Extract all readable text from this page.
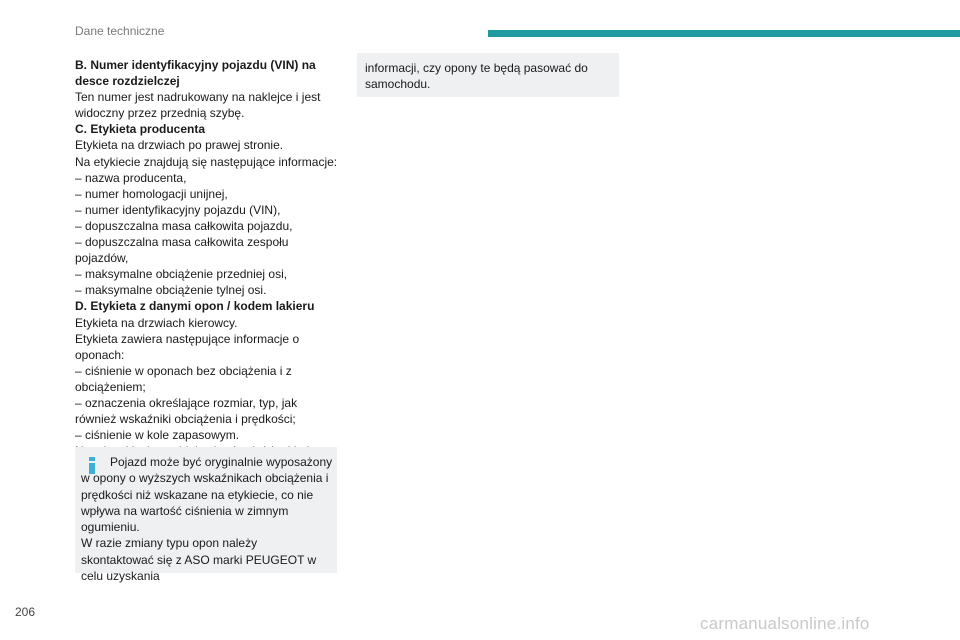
Dane techniczne

B. Numer identyfikacyjny pojazdu (VIN) na desce rozdzielczej

Ten numer jest nadrukowany na naklejce i jest widoczny przez przednią szybę.

C. Etykieta producenta

Etykieta na drzwiach po prawej stronie.

Na etykiecie znajdują się następujące informacje:

– nazwa producenta,

– numer homologacji unijnej,

– numer identyfikacyjny pojazdu (VIN),

– dopuszczalna masa całkowita pojazdu,

– dopuszczalna masa całkowita zespołu pojazdów,

– maksymalne obciążenie przedniej osi,

– maksymalne obciążenie tylnej osi.

D. Etykieta z danymi opon / kodem lakieru

Etykieta na drzwiach kierowcy.

Etykieta zawiera następujące informacje o oponach:

– ciśnienie w oponach bez obciążenia i z obciążeniem;

– oznaczenia określające rozmiar, typ, jak również wskaźniki obciążenia i prędkości;

– ciśnienie w kole zapasowym.

Pojazd może być oryginalnie wyposażony w opony o wyższych wskaźnikach obciążenia i prędkości niż wskazane na etykiecie, co nie wpływa na wartość ciśnienia w zimnym ogumieniu.

W razie zmiany typu opon należy skontaktować się z ASO marki PEUGEOT w celu uzyskania

informacji, czy opony te będą pasować do samochodu.

206
carmanualsonline.info
